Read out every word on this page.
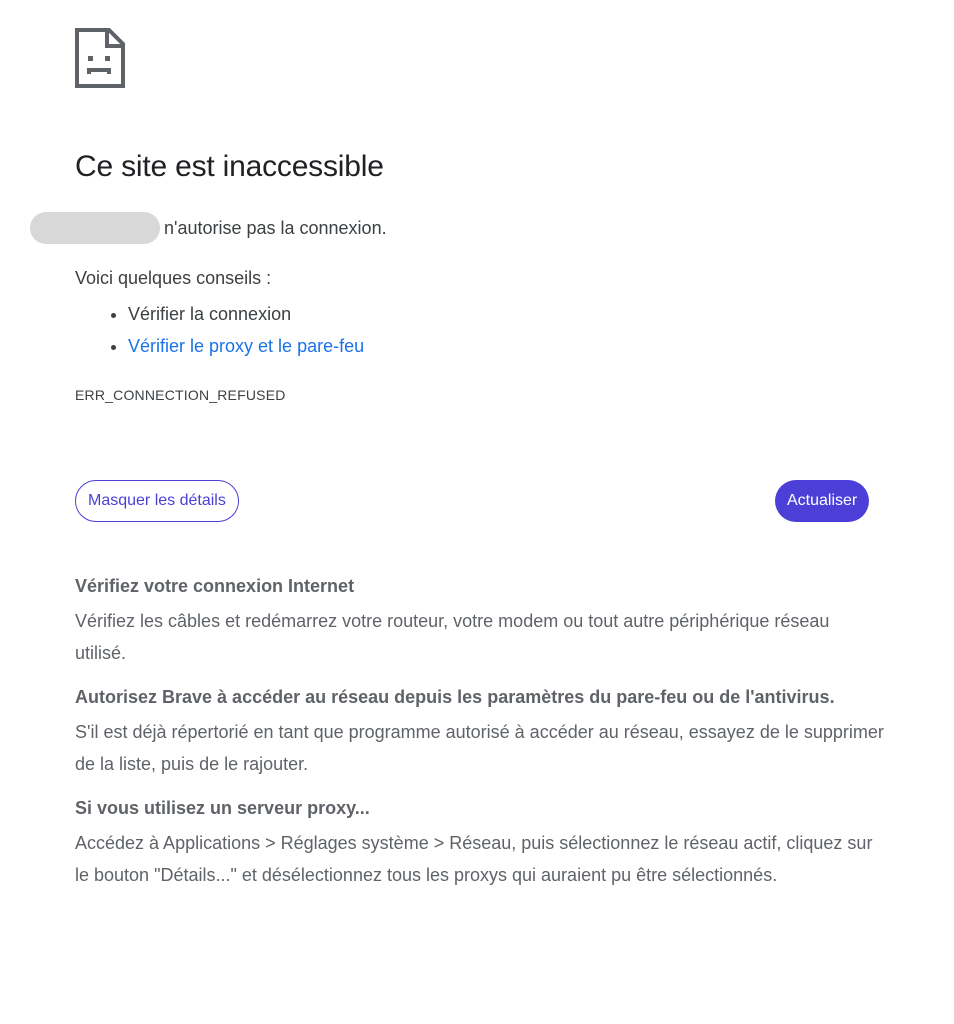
Ce site est inaccessible
n'autorise pas la connexion.
Voici quelques conseils :
• Vérifier la connexion
• Vérifier le proxy et le pare-feu
ERR_CONNECTION_REFUSED
Masquer les détails	Actualiser

Vérifiez votre connexion Internet

Vérifiez les câbles et redémarrez votre routeur, votre modem ou tout autre périphérique réseau utilisé.

Autorisez Brave à accéder au réseau depuis les paramètres du pare-feu ou de l'antivirus.

S'il est déjà répertorié en tant que programme autorisé à accéder au réseau, essayez de le supprimer de la liste, puis de le rajouter.

Si vous utilisez un serveur proxy...

Accédez à Applications > Réglages système > Réseau, puis sélectionnez le réseau actif, cliquez sur le bouton "Détails..." et désélectionnez tous les proxys qui auraient pu être sélectionnés.
